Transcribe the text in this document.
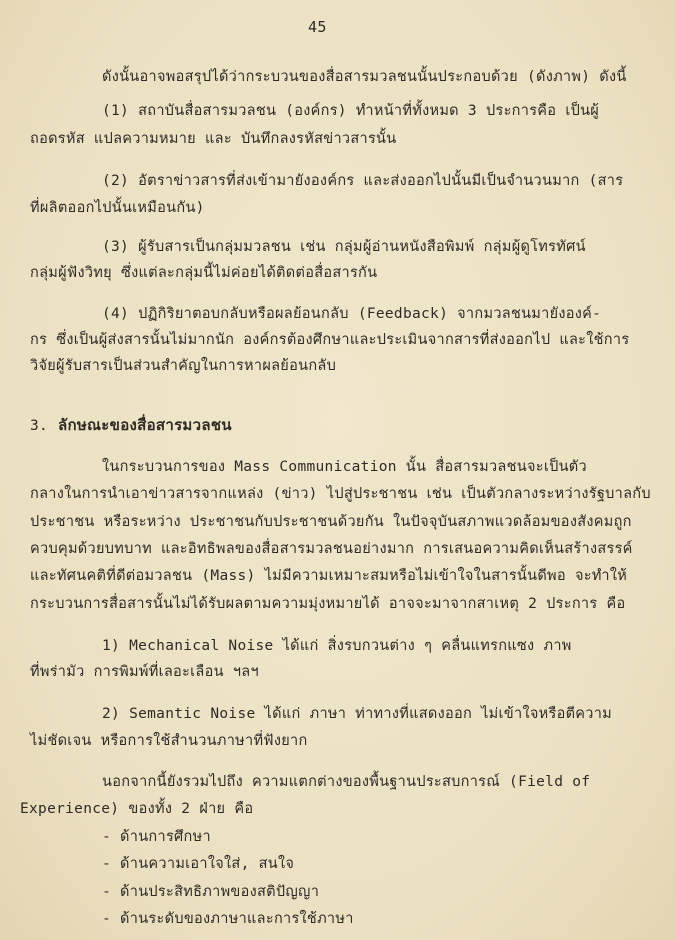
45
ดังนั้นอาจพอสรุปได้ว่ากระบวนของสื่อสารมวลชนนั้นประกอบด้วย (ดังภาพ) ดังนี้
(1) สถาบันสื่อสารมวลชน (องค์กร) ทำหน้าที่ทั้งหมด 3 ประการคือ เป็นผู้
ถอดรหัส แปลความหมาย และ บันทึกลงรหัสข่าวสารนั้น
(2) อัตราข่าวสารที่ส่งเข้ามายังองค์กร และส่งออกไปนั้นมีเป็นจำนวนมาก (สาร
ที่ผลิตออกไปนั้นเหมือนกัน)
(3) ผู้รับสารเป็นกลุ่มมวลชน เช่น กลุ่มผู้อ่านหนังสือพิมพ์ กลุ่มผู้ดูโทรทัศน์
กลุ่มผู้ฟังวิทยุ ซึ่งแต่ละกลุ่มนี้ไม่ค่อยได้ติดต่อสื่อสารกัน
(4) ปฏิกิริยาตอบกลับหรือผลย้อนกลับ (Feedback) จากมวลชนมายังองค์-
กร ซึ่งเป็นผู้ส่งสารนั้นไม่มากนัก องค์กรต้องศึกษาและประเมินจากสารที่ส่งออกไป และใช้การ
วิจัยผู้รับสารเป็นส่วนสำคัญในการหาผลย้อนกลับ
3. ลักษณะของสื่อสารมวลชน
ในกระบวนการของ Mass Communication นั้น สื่อสารมวลชนจะเป็นตัว
กลางในการนำเอาข่าวสารจากแหล่ง (ข่าว) ไปสู่ประชาชน เช่น เป็นตัวกลางระหว่างรัฐบาลกับ
ประชาชน หรือระหว่าง ประชาชนกับประชาชนด้วยกัน ในปัจจุบันสภาพแวดล้อมของสังคมถูก
ควบคุมด้วยบทบาท และอิทธิพลของสื่อสารมวลชนอย่างมาก การเสนอความคิดเห็นสร้างสรรค์
และทัศนคติที่ดีต่อมวลชน (Mass) ไม่มีความเหมาะสมหรือไม่เข้าใจในสารนั้นดีพอ จะทำให้
กระบวนการสื่อสารนั้นไม่ได้รับผลตามความมุ่งหมายได้ อาจจะมาจากสาเหตุ 2 ประการ คือ
1) Mechanical Noise ได้แก่ สิ่งรบกวนต่าง ๆ คลื่นแทรกแซง ภาพ
ที่พร่ามัว การพิมพ์ที่เลอะเลือน ฯลฯ
2) Semantic Noise ได้แก่ ภาษา ท่าทางที่แสดงออก ไม่เข้าใจหรือตีความ
ไม่ชัดเจน หรือการใช้สำนวนภาษาที่ฟังยาก
นอกจากนี้ยังรวมไปถึง ความแตกต่างของพื้นฐานประสบการณ์ (Field of
Experience) ของทั้ง 2 ฝ่าย คือ
- ด้านการศึกษา
- ด้านความเอาใจใส่, สนใจ
- ด้านประสิทธิภาพของสติปัญญา
- ด้านระดับของภาษาและการใช้ภาษา
